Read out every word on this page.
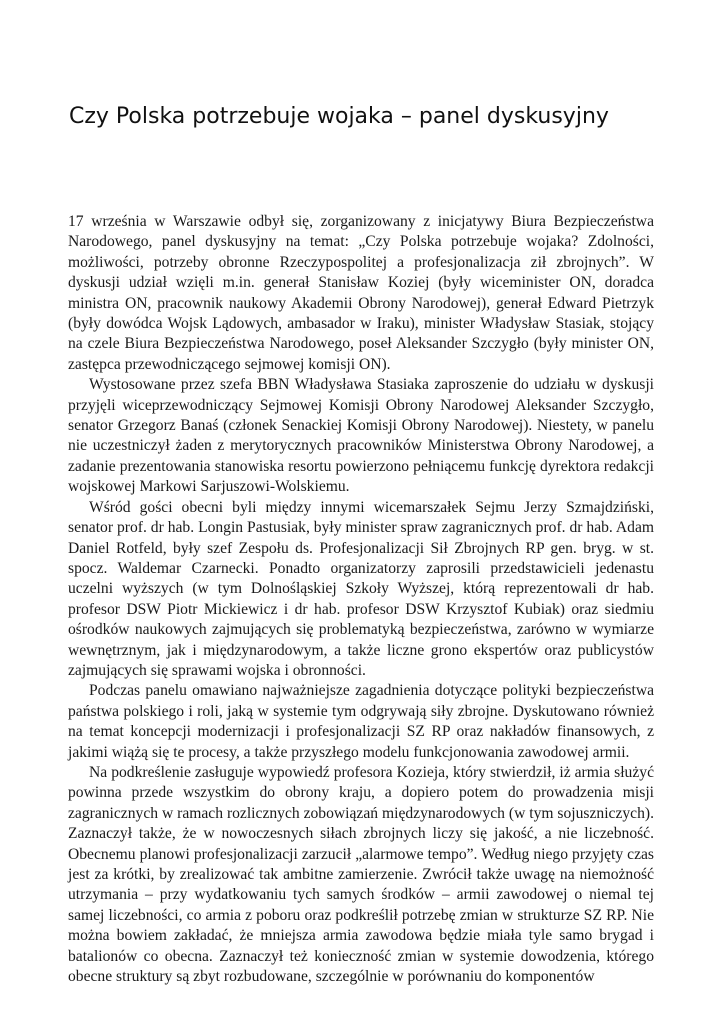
Czy Polska potrzebuje wojaka – panel dyskusyjny

17 września w Warszawie odbył się, zorganizowany z inicjatywy Biura Bezpieczeństwa Narodowego, panel dyskusyjny na temat: „Czy Polska potrzebuje wojaka? Zdolności, możliwości, potrzeby obronne Rzeczypospolitej a profesjonalizacja ził zbrojnych”. W dyskusji udział wzięli m.in. generał Stanisław Koziej (były wiceminister ON, doradca ministra ON, pracownik naukowy Akademii Obrony Narodowej), generał Edward Pietrzyk (były dowódca Wojsk Lądowych, ambasador w Iraku), minister Władysław Stasiak, stojący na czele Biura Bezpieczeństwa Narodowego, poseł Aleksander Szczygło (były minister ON, zastępca przewodniczącego sejmowej komisji ON).

Wystosowane przez szefa BBN Władysława Stasiaka zaproszenie do udziału w dyskusji przyjęli wiceprzewodniczący Sejmowej Komisji Obrony Narodowej Aleksander Szczygło, senator Grzegorz Banaś (członek Senackiej Komisji Obrony Narodowej). Niestety, w panelu nie uczestniczył żaden z merytorycznych pracowników Ministerstwa Obrony Narodowej, a zadanie prezentowania stanowiska resortu powierzono pełniącemu funkcję dyrektora redakcji wojskowej Markowi Sarjuszowi-Wolskiemu.

Wśród gości obecni byli między innymi wicemarszałek Sejmu Jerzy Szmajdziński, senator prof. dr hab. Longin Pastusiak, były minister spraw zagranicznych prof. dr hab. Adam Daniel Rotfeld, były szef Zespołu ds. Profesjonalizacji Sił Zbrojnych RP gen. bryg. w st. spocz. Waldemar Czarnecki. Ponadto organizatorzy zaprosili przedstawicieli jedenastu uczelni wyższych (w tym Dolnośląskiej Szkoły Wyższej, którą reprezentowali dr hab. profesor DSW Piotr Mickiewicz i dr hab. profesor DSW Krzysztof Kubiak) oraz siedmiu ośrodków naukowych zajmujących się problematyką bezpieczeństwa, zarówno w wymiarze wewnętrznym, jak i międzynarodowym, a także liczne grono ekspertów oraz publicystów zajmujących się sprawami wojska i obronności.

Podczas panelu omawiano najważniejsze zagadnienia dotyczące polityki bezpieczeństwa państwa polskiego i roli, jaką w systemie tym odgrywają siły zbrojne. Dyskutowano również na temat koncepcji modernizacji i profesjonalizacji SZ RP oraz nakładów finansowych, z jakimi wiążą się te procesy, a także przyszłego modelu funkcjonowania zawodowej armii.

Na podkreślenie zasługuje wypowiedź profesora Kozieja, który stwierdził, iż armia służyć powinna przede wszystkim do obrony kraju, a dopiero potem do prowadzenia misji zagranicznych w ramach rozlicznych zobowiązań międzynarodowych (w tym sojuszniczych). Zaznaczył także, że w nowoczesnych siłach zbrojnych liczy się jakość, a nie liczebność. Obecnemu planowi profesjonalizacji zarzucił „alarmowe tempo”. Według niego przyjęty czas jest za krótki, by zrealizować tak ambitne zamierzenie. Zwrócił także uwagę na niemożność utrzymania – przy wydatkowaniu tych samych środków – armii zawodowej o niemal tej samej liczebności, co armia z poboru oraz podkreślił potrzebę zmian w strukturze SZ RP. Nie można bowiem zakładać, że mniejsza armia zawodowa będzie miała tyle samo brygad i batalionów co obecna. Zaznaczył też konieczność zmian w systemie dowodzenia, którego obecne struktury są zbyt rozbudowane, szczególnie w porównaniu do komponentów
